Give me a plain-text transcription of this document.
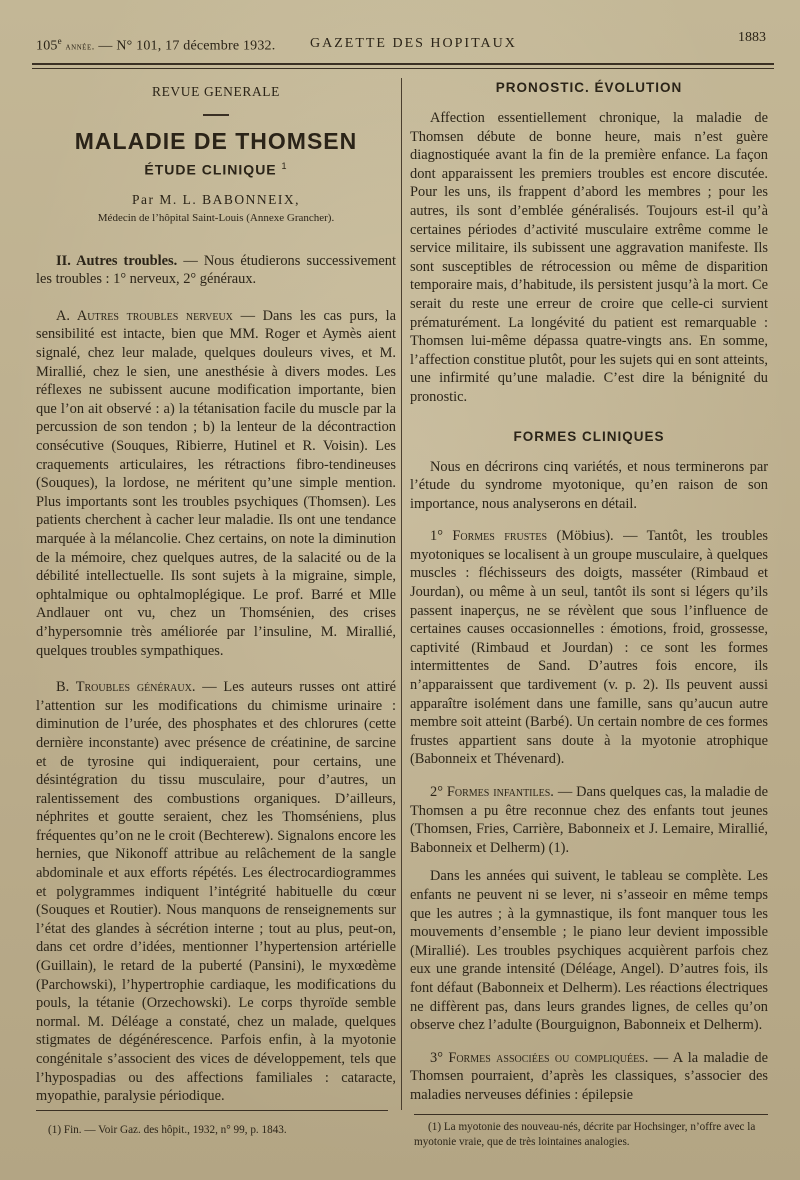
105e année. — N° 101, 17 décembre 1932. GAZETTE DES HOPITAUX	1883
REVUE GENERALE
MALADIE DE THOMSEN
ÉTUDE CLINIQUE $^1$
Par M. L. BABONNEIX,
Médecin de l’hôpital Saint-Louis (Annexe Grancher).

II. Autres troubles. — Nous étudierons successivement les troubles : 1° nerveux, 2° généraux.

A. Autres troubles nerveux — Dans les cas purs, la sensibilité est intacte, bien que MM. Roger et Aymès aient signalé, chez leur malade, quelques douleurs vives, et M. Mirallié, chez le sien, une anesthésie à divers modes. Les réflexes ne subissent aucune modification importante, bien que l’on ait observé : a) la tétanisation facile du muscle par la percussion de son tendon ; b) la lenteur de la décontraction consécutive (Souques, Ribierre, Hutinel et R. Voisin). Les craquements articulaires, les rétractions fibro-tendineuses (Souques), la lordose, ne méritent qu’une simple mention. Plus importants sont les troubles psychiques (Thomsen). Les patients cherchent à cacher leur maladie. Ils ont une tendance marquée à la mélancolie. Chez certains, on note la diminution de la mémoire, chez quelques autres, de la salacité ou de la débilité intellectuelle. Ils sont sujets à la migraine, simple, ophtalmique ou ophtalmoplégique. Le prof. Barré et Mlle Andlauer ont vu, chez un Thomsénien, des crises d’hypersomnie très améliorée par l’insuline, M. Mirallié, quelques troubles sympathiques.

B. Troubles généraux. — Les auteurs russes ont attiré l’attention sur les modifications du chimisme urinaire : diminution de l’urée, des phosphates et des chlorures (cette dernière inconstante) avec présence de créatinine, de sarcine et de tyrosine qui indiqueraient, pour certains, une désintégration du tissu musculaire, pour d’autres, un ralentissement des combustions organiques. D’ailleurs, néphrites et goutte seraient, chez les Thomséniens, plus fréquentes qu’on ne le croit (Bechterew). Signalons encore les hernies, que Nikonoff attribue au relâchement de la sangle abdominale et aux efforts répétés. Les électrocardiogrammes et polygrammes indiquent l’intégrité habituelle du cœur (Souques et Routier). Nous manquons de renseignements sur l’état des glandes à sécrétion interne ; tout au plus, peut-on, dans cet ordre d’idées, mentionner l’hypertension artérielle (Guillain), le retard de la puberté (Pansini), le myxœdème (Parchowski), l’hypertrophie cardiaque, les modifications du pouls, la tétanie (Orzechowski). Le corps thyroïde semble normal. M. Déléage a constaté, chez un malade, quelques stigmates de dégénérescence. Parfois enfin, à la myotonie congénitale s’associent des vices de développement, tels que l’hypospadias ou des affections familiales : cataracte, myopathie, paralysie périodique.

(1) Fin. — Voir Gaz. des hôpit., 1932, n° 99, p. 1843.
PRONOSTIC. ÉVOLUTION

Affection essentiellement chronique, la maladie de Thomsen débute de bonne heure, mais n’est guère diagnostiquée avant la fin de la première enfance. La façon dont apparaissent les premiers troubles est encore discutée. Pour les uns, ils frappent d’abord les membres ; pour les autres, ils sont d’emblée généralisés. Toujours est-il qu’à certaines périodes d’activité musculaire extrême comme le service militaire, ils subissent une aggravation manifeste. Ils sont susceptibles de rétrocession ou même de disparition temporaire mais, d’habitude, ils persistent jusqu’à la mort. Ce serait du reste une erreur de croire que celle-ci survient prématurément. La longévité du patient est remarquable : Thomsen lui-même dépassa quatre-vingts ans. En somme, l’affection constitue plutôt, pour les sujets qui en sont atteints, une infirmité qu’une maladie. C’est dire la bénignité du pronostic.

FORMES CLINIQUES

Nous en décrirons cinq variétés, et nous terminerons par l’étude du syndrome myotonique, qu’en raison de son importance, nous analyserons en détail.

1° Formes frustes (Möbius). — Tantôt, les troubles myotoniques se localisent à un groupe musculaire, à quelques muscles : fléchisseurs des doigts, masséter (Rimbaud et Jourdan), ou même à un seul, tantôt ils sont si légers qu’ils passent inaperçus, ne se révèlent que sous l’influence de certaines causes occasionnelles : émotions, froid, grossesse, captivité (Rimbaud et Jourdan) : ce sont les formes intermittentes de Sand. D’autres fois encore, ils n’apparaissent que tardivement (v. p. 2). Ils peuvent aussi apparaître isolément dans une famille, sans qu’aucun autre membre soit atteint (Barbé). Un certain nombre de ces formes frustes appartient sans doute à la myotonie atrophique (Babonneix et Thévenard).

2° Formes infantiles. — Dans quelques cas, la maladie de Thomsen a pu être reconnue chez des enfants tout jeunes (Thomsen, Fries, Carrière, Babonneix et J. Lemaire, Mirallié, Babonneix et Delherm) (1).

Dans les années qui suivent, le tableau se complète. Les enfants ne peuvent ni se lever, ni s’asseoir en même temps que les autres ; à la gymnastique, ils font manquer tous les mouvements d’ensemble ; le piano leur devient impossible (Mirallié). Les troubles psychiques acquièrent parfois chez eux une grande intensité (Déléage, Angel). D’autres fois, ils font défaut (Babonneix et Delherm). Les réactions électriques ne diffèrent pas, dans leurs grandes lignes, de celles qu’on observe chez l’adulte (Bourguignon, Babonneix et Delherm).

3° Formes associées ou compliquées. — A la maladie de Thomsen pourraient, d’après les classiques, s’associer des maladies nerveuses définies : épilepsie

(1) La myotonie des nouveau-nés, décrite par Hochsinger, n’offre avec la myotonie vraie, que de très lointaines analogies.
